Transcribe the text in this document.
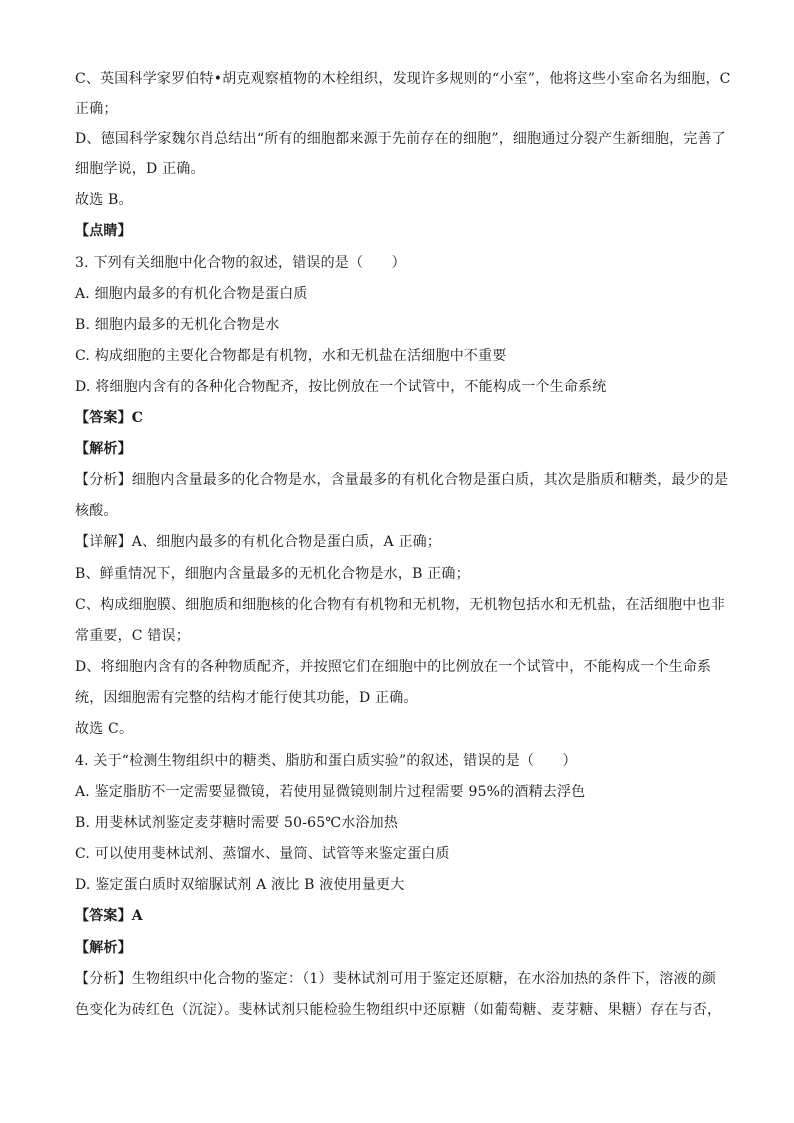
C、英国科学家罗伯特•胡克观察植物的木栓组织，发现许多规则的“小室”，他将这些小室命名为细胞，C
正确；
D、德国科学家魏尔肖总结出“所有的细胞都来源于先前存在的细胞”，细胞通过分裂产生新细胞，完善了
细胞学说，D 正确。
故选 B。
【点睛】
3. 下列有关细胞中化合物的叙述，错误的是（　　）
A. 细胞内最多的有机化合物是蛋白质
B. 细胞内最多的无机化合物是水
C. 构成细胞的主要化合物都是有机物，水和无机盐在活细胞中不重要
D. 将细胞内含有的各种化合物配齐，按比例放在一个试管中，不能构成一个生命系统
【答案】C
【解析】
【分析】细胞内含量最多的化合物是水，含量最多的有机化合物是蛋白质，其次是脂质和糖类，最少的是
核酸。
【详解】A、细胞内最多的有机化合物是蛋白质，A 正确；
B、鲜重情况下，细胞内含量最多的无机化合物是水，B 正确；
C、构成细胞膜、细胞质和细胞核的化合物有有机物和无机物，无机物包括水和无机盐，在活细胞中也非
常重要，C 错误；
D、将细胞内含有的各种物质配齐，并按照它们在细胞中的比例放在一个试管中，不能构成一个生命系
统，因细胞需有完整的结构才能行使其功能，D 正确。
故选 C。
4. 关于“检测生物组织中的糖类、脂肪和蛋白质实验”的叙述，错误的是（　　）
A. 鉴定脂肪不一定需要显微镜，若使用显微镜则制片过程需要 95%的酒精去浮色
B. 用斐林试剂鉴定麦芽糖时需要 50-65℃水浴加热
C. 可以使用斐林试剂、蒸馏水、量筒、试管等来鉴定蛋白质
D. 鉴定蛋白质时双缩脲试剂 A 液比 B 液使用量更大
【答案】A
【解析】
【分析】生物组织中化合物的鉴定：（1）斐林试剂可用于鉴定还原糖，在水浴加热的条件下，溶液的颜
色变化为砖红色（沉淀）。斐林试剂只能检验生物组织中还原糖（如葡萄糖、麦芽糖、果糖）存在与否，
